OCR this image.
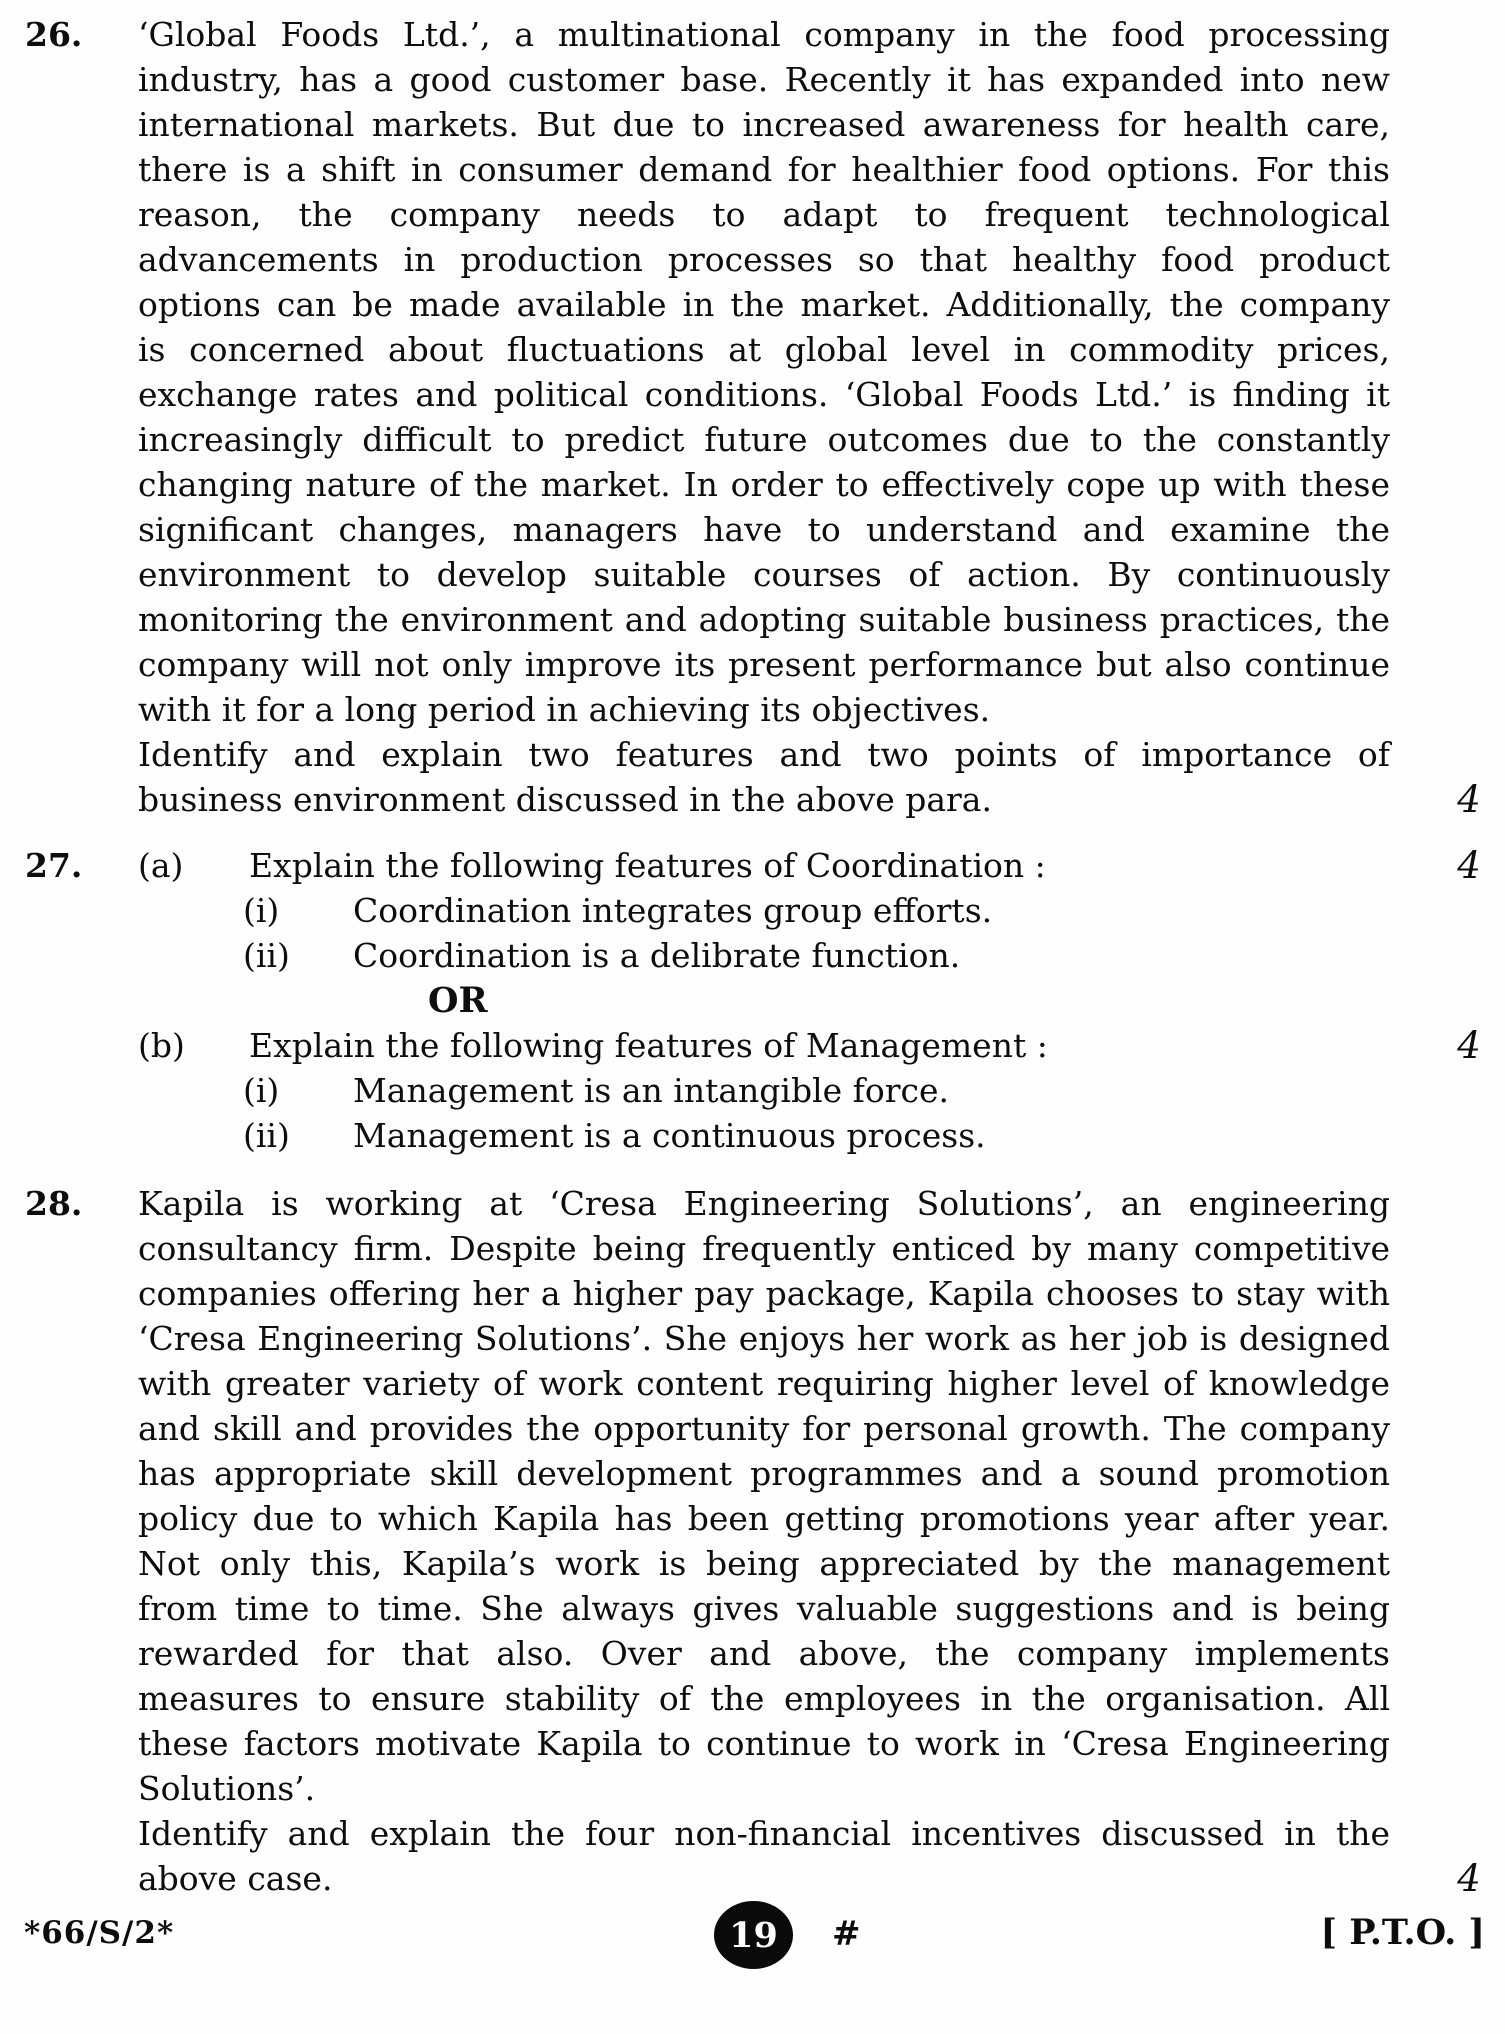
26.	‘Global Foods Ltd.’, a multinational company in the food processing
industry, has a good customer base. Recently it has expanded into new
international markets. But due to increased awareness for health care,
there is a shift in consumer demand for healthier food options. For this
reason, the company needs to adapt to frequent technological
advancements in production processes so that healthy food product
options can be made available in the market. Additionally, the company
is concerned about fluctuations at global level in commodity prices,
exchange rates and political conditions. ‘Global Foods Ltd.’ is finding it
increasingly difficult to predict future outcomes due to the constantly
changing nature of the market. In order to effectively cope up with these
significant changes, managers have to understand and examine the
environment to develop suitable courses of action. By continuously
monitoring the environment and adopting suitable business practices, the
company will not only improve its present performance but also continue
with it for a long period in achieving its objectives.
Identify and explain two features and two points of importance of
business environment discussed in the above para.
27.	(a) Explain the following features of Coordination :
(i) Coordination integrates group efforts.
(ii) Coordination is a delibrate function.
OR
(b) Explain the following features of Management :
(i) Management is an intangible force.
(ii) Management is a continuous process.
28.	Kapila is working at ‘Cresa Engineering Solutions’, an engineering
consultancy firm. Despite being frequently enticed by many competitive
companies offering her a higher pay package, Kapila chooses to stay with
‘Cresa Engineering Solutions’. She enjoys her work as her job is designed
with greater variety of work content requiring higher level of knowledge
and skill and provides the opportunity for personal growth. The company
has appropriate skill development programmes and a sound promotion
policy due to which Kapila has been getting promotions year after year.
Not only this, Kapila’s work is being appreciated by the management
from time to time. She always gives valuable suggestions and is being
rewarded for that also. Over and above, the company implements
measures to ensure stability of the employees in the organisation. All
these factors motivate Kapila to continue to work in ‘Cresa Engineering
Solutions’.
Identify and explain the four non-financial incentives discussed in the
above case.
4
4
4
4
*66/S/2*	19 #	[ P.T.O. ]
